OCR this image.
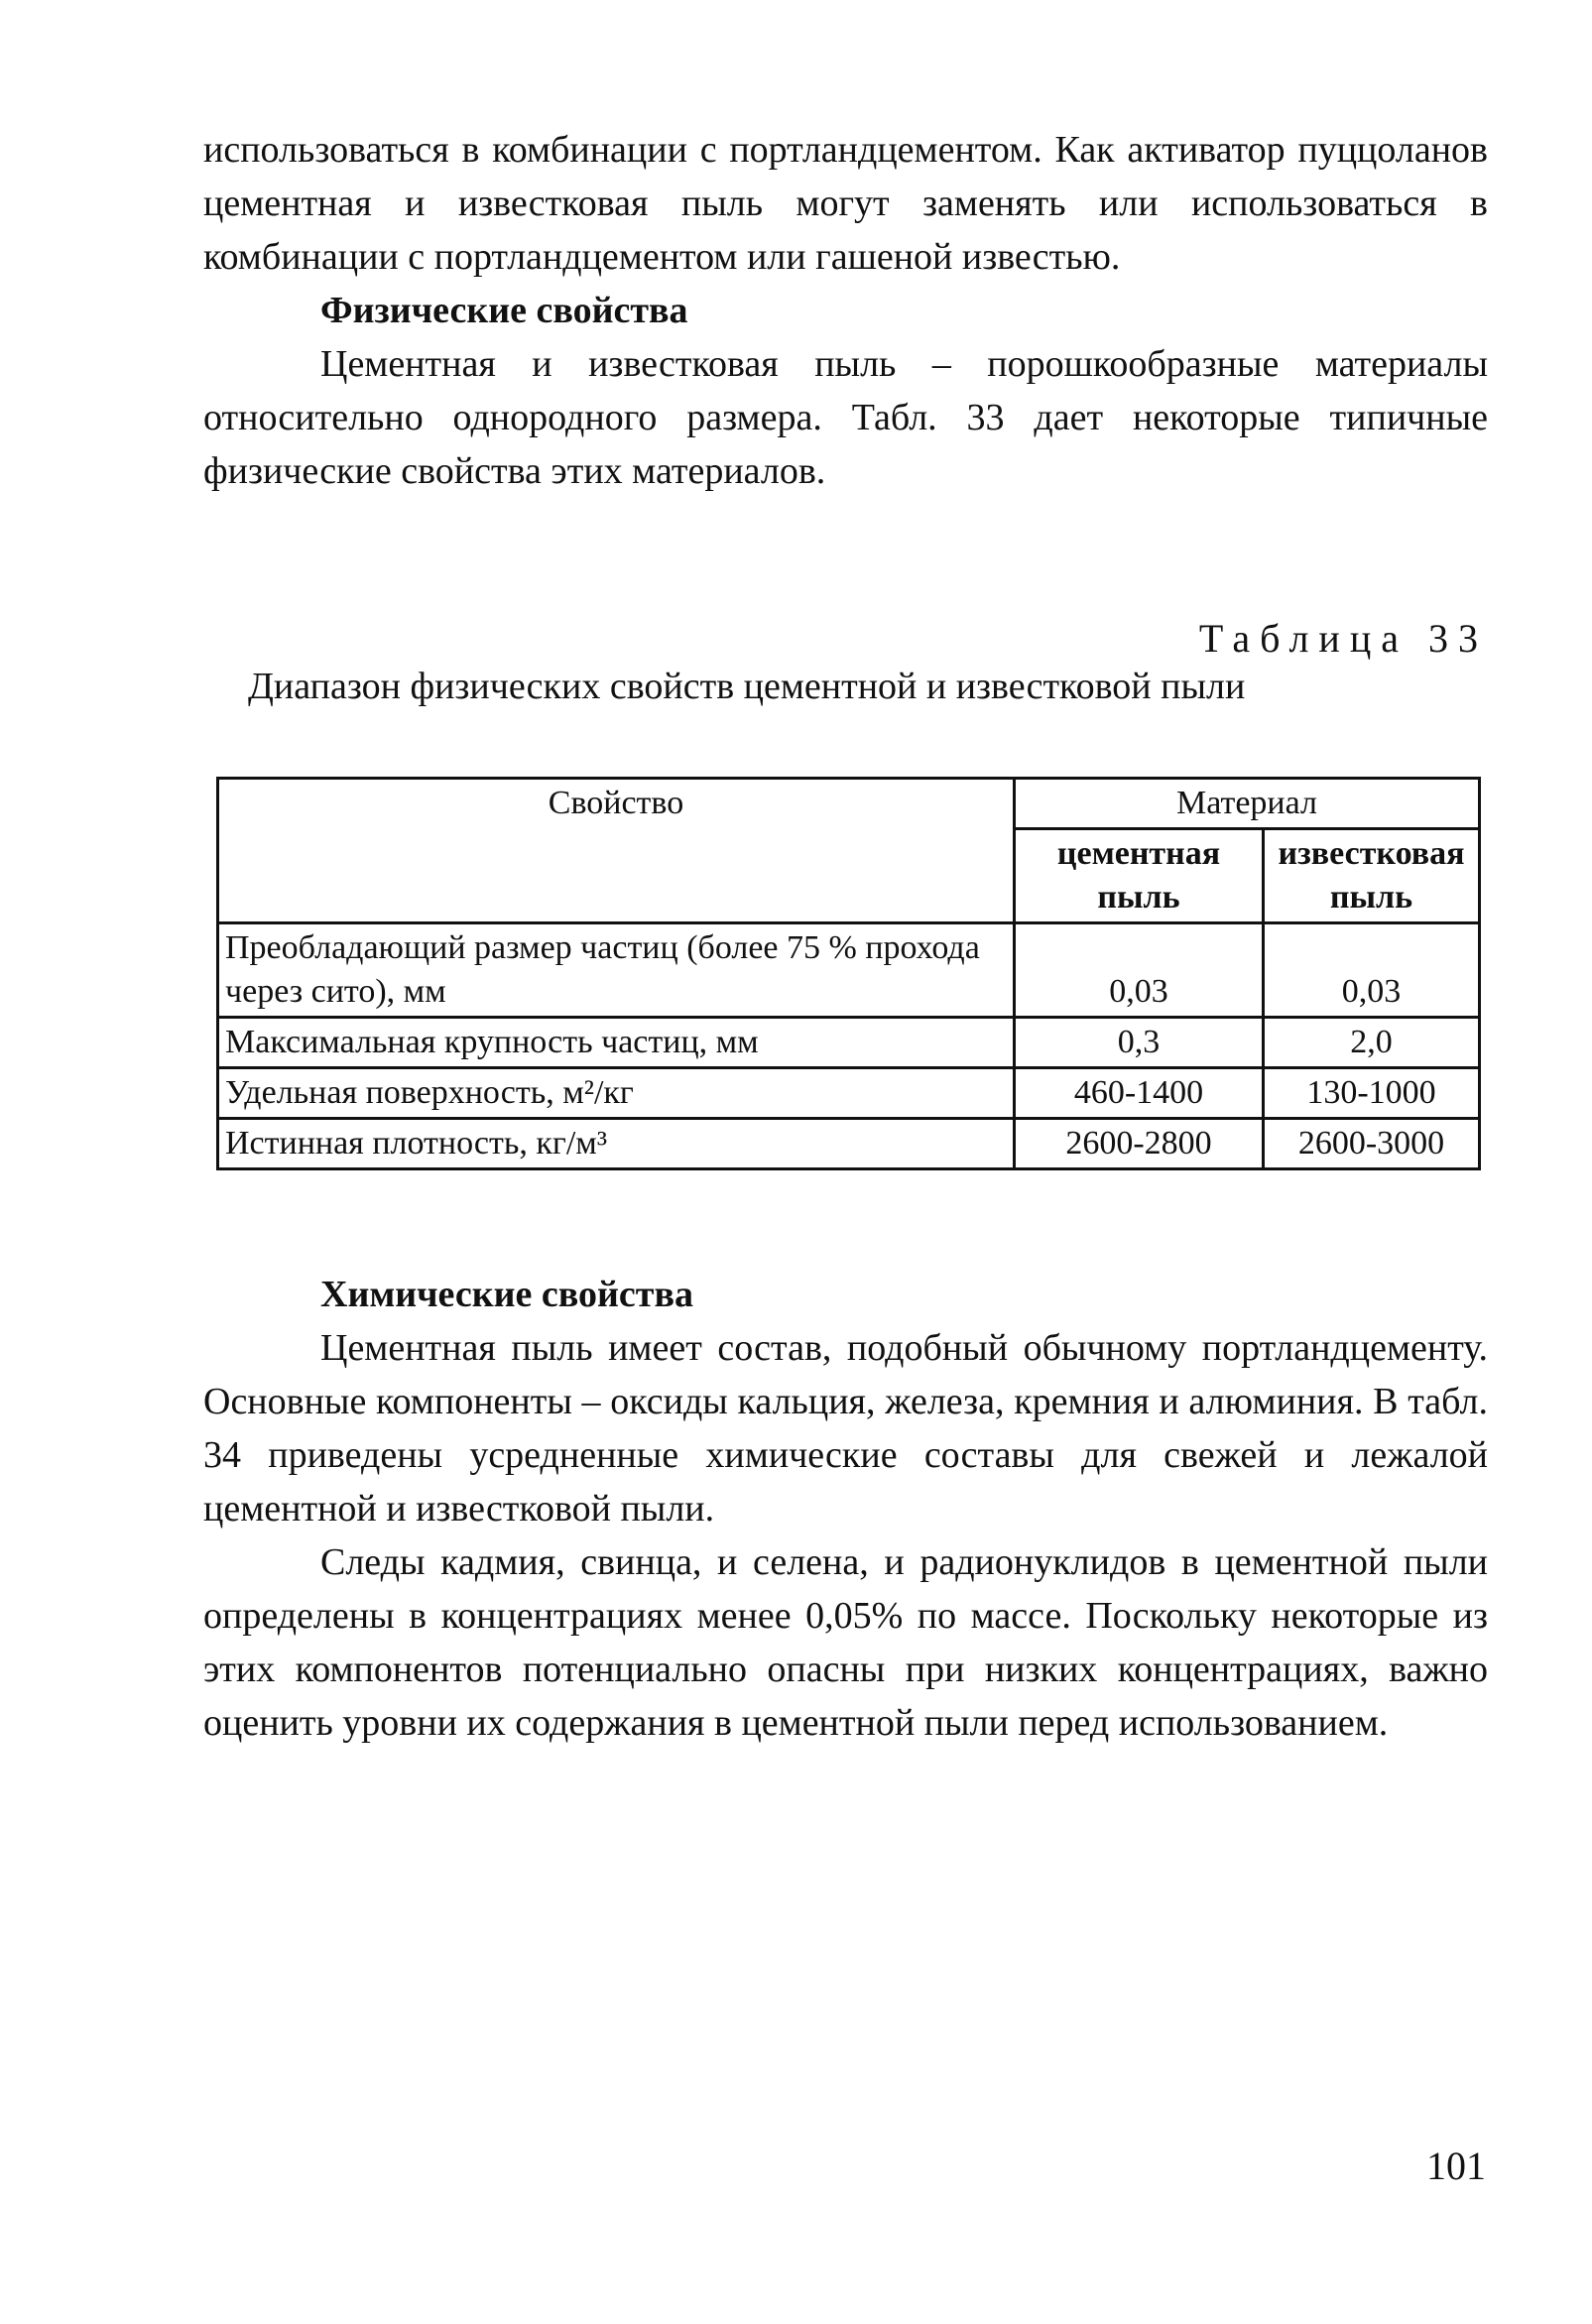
использоваться в комбинации с портландцементом. Как активатор пуццоланов цементная и известковая пыль могут заменять или использоваться в комбинации с портландцементом или гашеной известью.

Физические свойства

Цементная и известковая пыль – порошкообразные материалы относительно однородного размера. Табл. 33 дает некоторые типичные физические свойства этих материалов.

Таблица 33
Диапазон физических свойств цементной и известковой пыли
Свойство	Материал	
	цементная пыль	известковая пыль
Преобладающий размер частиц (более 75 % прохода через сито), мм	0,03	0,03
Максимальная крупность частиц, мм	0,3	2,0
Удельная поверхность, м²/кг	460-1400	130-1000
Истинная плотность, кг/м³	2600-2800	2600-3000
Химические свойства

Цементная пыль имеет состав, подобный обычному портландцементу. Основные компоненты – оксиды кальция, железа, кремния и алюминия. В табл. 34 приведены усредненные химические составы для свежей и лежалой цементной и известковой пыли.

Следы кадмия, свинца, и селена, и радионуклидов в цементной пыли определены в концентрациях менее 0,05% по массе. Поскольку некоторые из этих компонентов потенциально опасны при низких концентрациях, важно оценить уровни их содержания в цементной пыли перед использованием.

101
